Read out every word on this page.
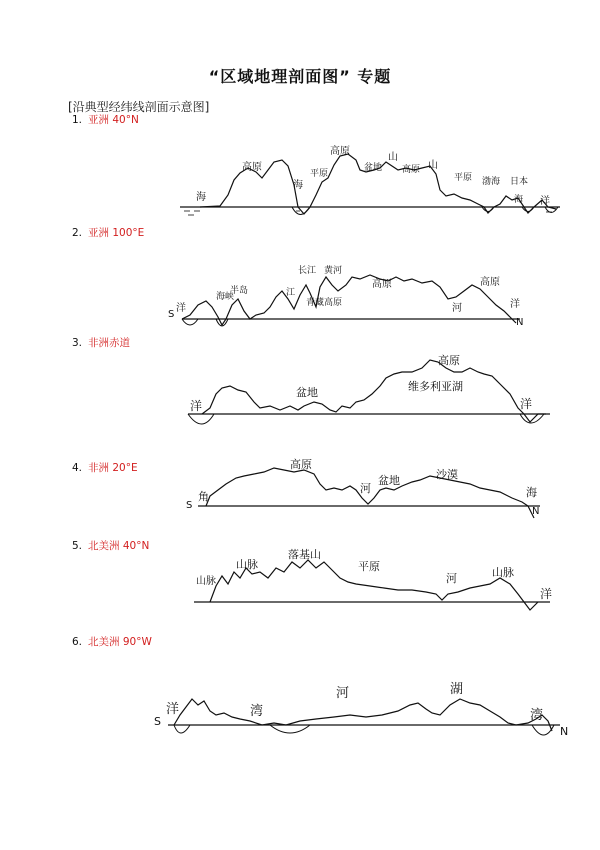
“区域地理剖面图” 专题
[沿典型经纬线剖面示意图]
1. 亚洲 40°N
海
高原
海
平原
高原
盆地
山
高原 山
平原 渤海 日本
海 洋
2. 亚洲 100°E
S
洋
海峡
半岛	江
长江 黄河
青藏高原
高原
河
高原
洋
N
3. 非洲赤道
洋
盆地
高原
维多利亚湖
洋
4. 非洲 20°E
S
角
高原
河
盆地	沙漠
海
N
5. 北美洲 40°N
山脉
山脉
落基山
平原
河	山脉
洋
6. 北美洲 90°W
S
洋	湾
河	湖
湾
N
